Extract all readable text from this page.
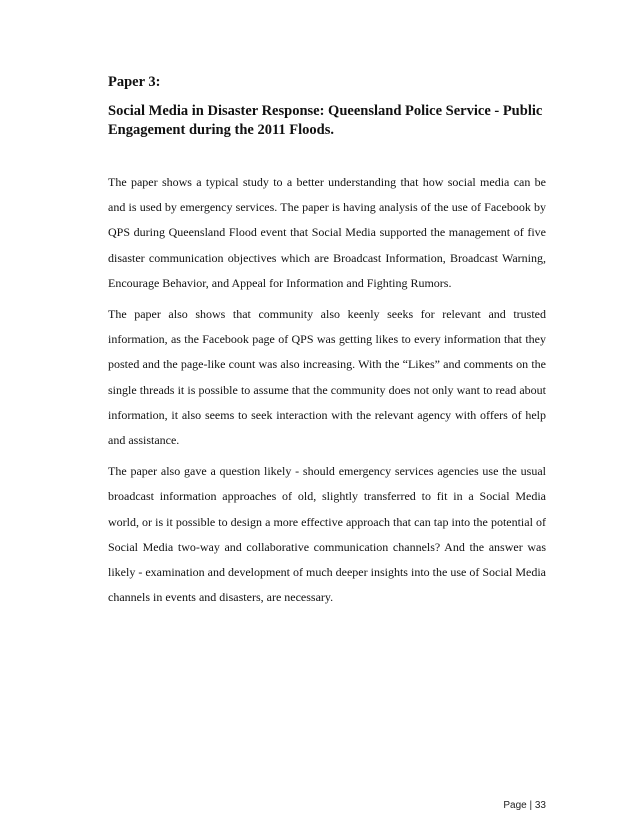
Paper 3:
Social Media in Disaster Response: Queensland Police Service - Public Engagement during the 2011 Floods.

The paper shows a typical study to a better understanding that how social media can be and is used by emergency services. The paper is having analysis of the use of Facebook by QPS during Queensland Flood event that Social Media supported the management of five disaster communication objectives which are Broadcast Information, Broadcast Warning, Encourage Behavior, and Appeal for Information and Fighting Rumors.

The paper also shows that community also keenly seeks for relevant and trusted information, as the Facebook page of QPS was getting likes to every information that they posted and the page-like count was also increasing. With the “Likes” and comments on the single threads it is possible to assume that the community does not only want to read about information, it also seems to seek interaction with the relevant agency with offers of help and assistance.

The paper also gave a question likely - should emergency services agencies use the usual broadcast information approaches of old, slightly transferred to fit in a Social Media world, or is it possible to design a more effective approach that can tap into the potential of Social Media two-way and collaborative communication channels? And the answer was likely - examination and development of much deeper insights into the use of Social Media channels in events and disasters, are necessary.

Page | 33
